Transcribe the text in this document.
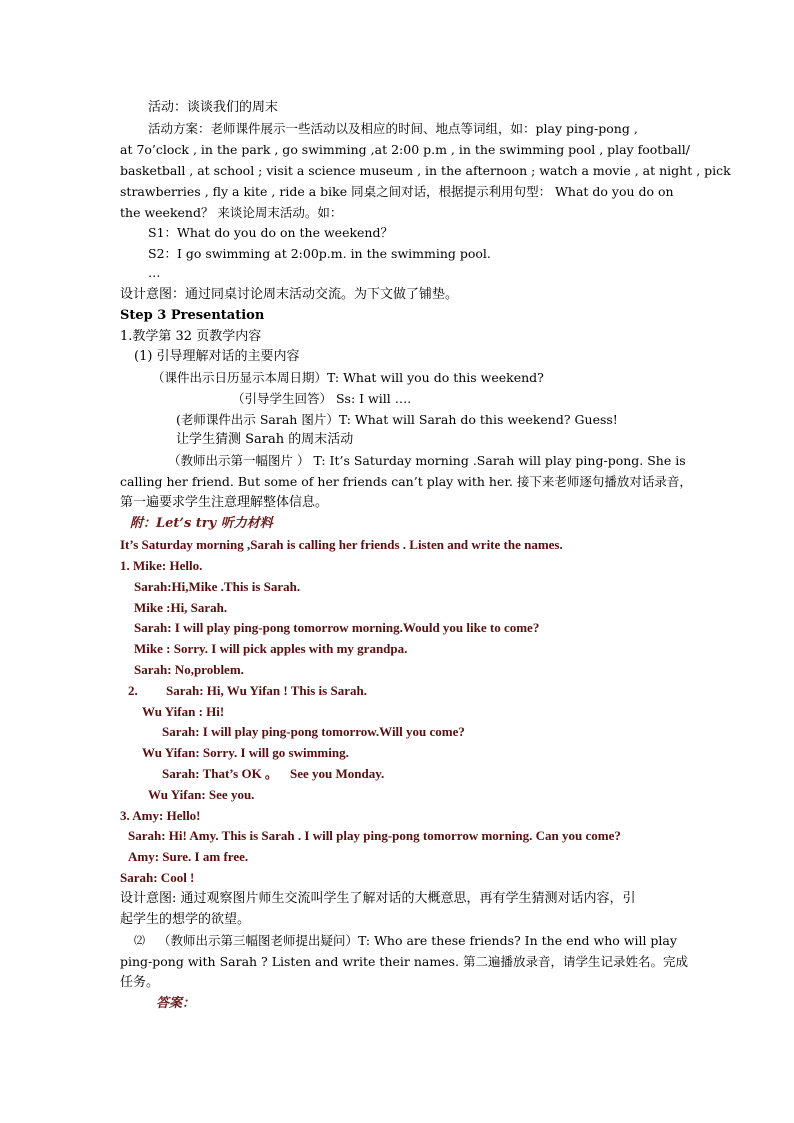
活动：谈谈我们的周末
活动方案：老师课件展示一些活动以及相应的时间、地点等词组，如：play ping-pong ,
at 7o’clock , in the park , go swimming ,at 2:00 p.m , in the swimming pool , play football/
basketball , at school ; visit a science museum , in the afternoon ; watch a movie , at night , pick
strawberries , fly a kite , ride a bike 同桌之间对话，根据提示利用句型： What do you do on
the weekend？ 来谈论周末活动。如：
S1：What do you do on the weekend？
S2：I go swimming at 2:00p.m. in the swimming pool.
…
设计意图：通过同桌讨论周末活动交流。为下文做了铺垫。
Step 3 Presentation
1.教学第 32 页教学内容
(1) 引导理解对话的主要内容
（课件出示日历显示本周日期）T: What will you do this weekend?
（引导学生回答） Ss: I will ….
(老师课件出示 Sarah 图片）T: What will Sarah do this weekend? Guess!
让学生猜测 Sarah 的周末活动
（教师出示第一幅图片 ） T: It’s Saturday morning .Sarah will play ping-pong. She is
calling her friend. But some of her friends can’t play with her. 接下来老师逐句播放对话录音，
第一遍要求学生注意理解整体信息。
附：Let’s try 听力材料
It’s Saturday morning ,Sarah is calling her friends . Listen and write the names.
1. Mike: Hello.
Sarah:Hi,Mike .This is Sarah.
Mike :Hi, Sarah.
Sarah: I will play ping-pong tomorrow morning.Would you like to come?
Mike : Sorry. I will pick apples with my grandpa.
Sarah: No,problem.
2. Sarah: Hi, Wu Yifan ! This is Sarah.
Wu Yifan : Hi!
Sarah: I will play ping-pong tomorrow.Will you come?
Wu Yifan: Sorry. I will go swimming.
Sarah: That’s OK 。 See you Monday.
Wu Yifan: See you.
3. Amy: Hello!
Sarah: Hi! Amy. This is Sarah . I will play ping-pong tomorrow morning. Can you come?
Amy: Sure. I am free.
Sarah: Cool !
设计意图: 通过观察图片师生交流叫学生了解对话的大概意思，再有学生猜测对话内容，引
起学生的想学的欲望。
⑵ （教师出示第三幅图老师提出疑问）T: Who are these friends? In the end who will play
ping-pong with Sarah ? Listen and write their names. 第二遍播放录音，请学生记录姓名。完成
任务。
答案：
